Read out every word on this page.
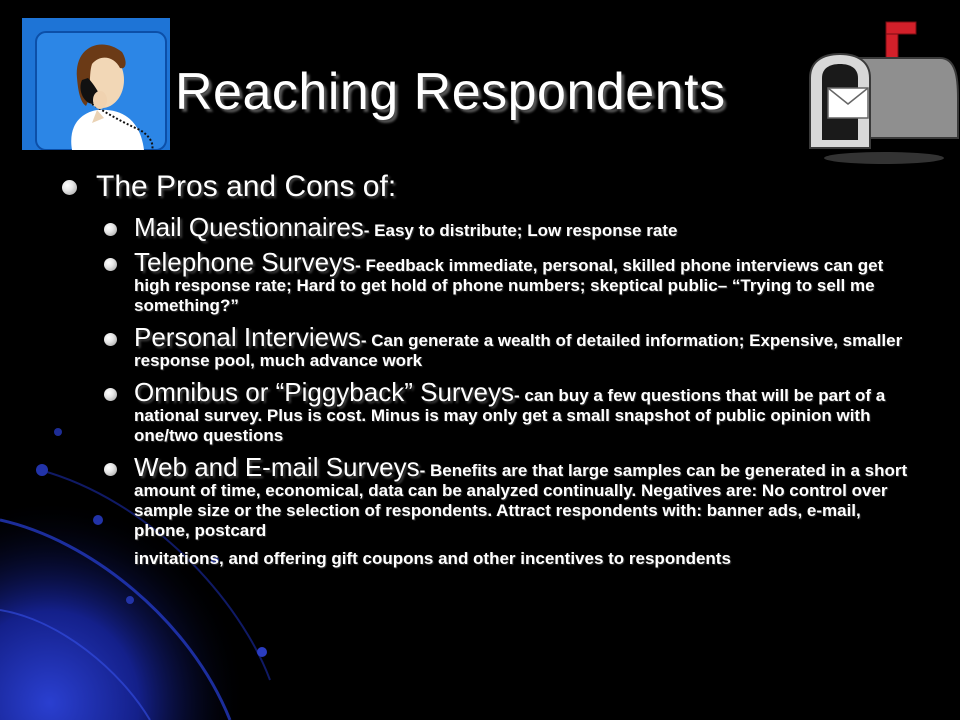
Reaching Respondents
The Pros and Cons of:
Mail Questionnaires- Easy to distribute; Low response rate
Telephone Surveys- Feedback immediate, personal, skilled phone interviews can get high response rate; Hard to get hold of phone numbers; skeptical public– “Trying to sell me something?”
Personal Interviews- Can generate a wealth of detailed information; Expensive, smaller response pool, much advance work
Omnibus or “Piggyback” Surveys- can buy a few questions that will be part of a national survey. Plus is cost. Minus is may only get a small snapshot of public opinion with one/two questions
Web and E-mail Surveys- Benefits are that large samples can be generated in a short amount of time, economical, data can be analyzed continually. Negatives are: No control over sample size or the selection of respondents. Attract respondents with: banner ads, e-mail, phone, postcard
invitations, and offering gift coupons and other incentives to respondents
